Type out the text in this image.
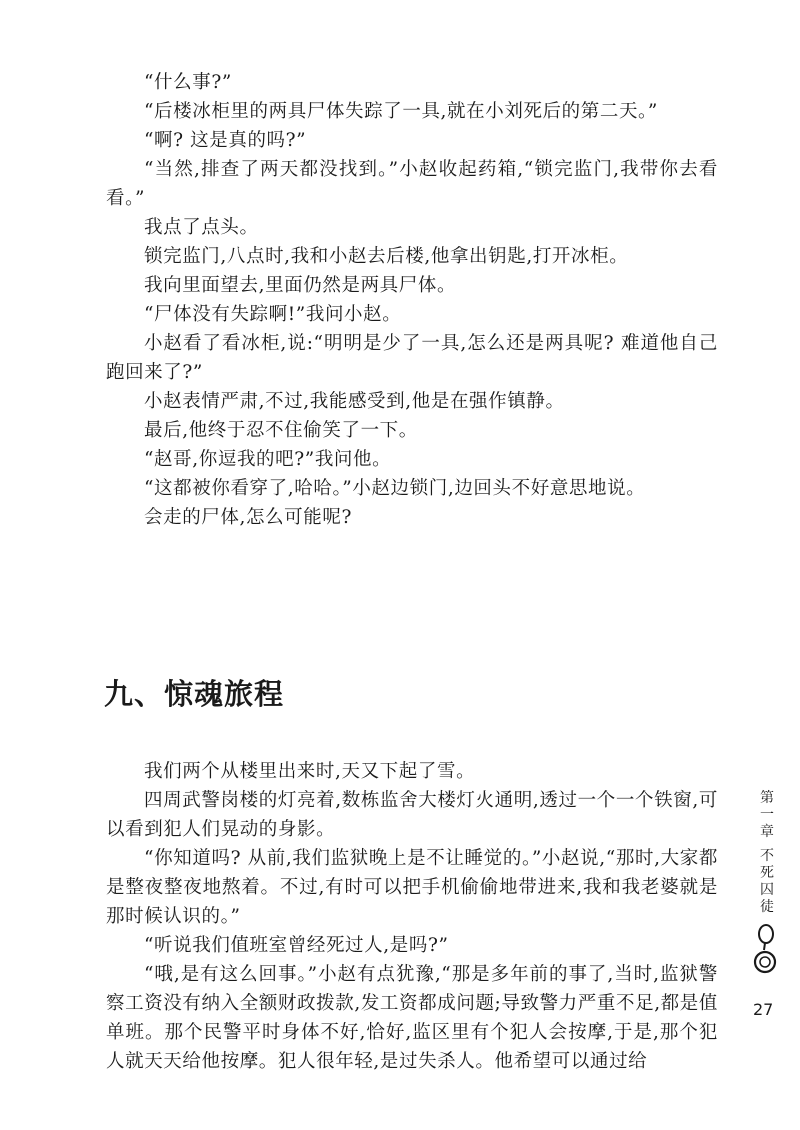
“什么事?”

“后楼冰柜里的两具尸体失踪了一具,就在小刘死后的第二天。”

“啊? 这是真的吗?”

“当然,排查了两天都没找到。”小赵收起药箱,“锁完监门,我带你去看看。”

我点了点头。

锁完监门,八点时,我和小赵去后楼,他拿出钥匙,打开冰柜。

我向里面望去,里面仍然是两具尸体。

“尸体没有失踪啊!”我问小赵。

小赵看了看冰柜,说:“明明是少了一具,怎么还是两具呢? 难道他自己跑回来了?”

小赵表情严肃,不过,我能感受到,他是在强作镇静。

最后,他终于忍不住偷笑了一下。

“赵哥,你逗我的吧?”我问他。

“这都被你看穿了,哈哈。”小赵边锁门,边回头不好意思地说。

会走的尸体,怎么可能呢?

九、惊魂旅程

我们两个从楼里出来时,天又下起了雪。

四周武警岗楼的灯亮着,数栋监舍大楼灯火通明,透过一个一个铁窗,可以看到犯人们晃动的身影。

“你知道吗? 从前,我们监狱晚上是不让睡觉的。”小赵说,“那时,大家都是整夜整夜地熬着。不过,有时可以把手机偷偷地带进来,我和我老婆就是那时候认识的。”

“听说我们值班室曾经死过人,是吗?”

“哦,是有这么回事。”小赵有点犹豫,“那是多年前的事了,当时,监狱警察工资没有纳入全额财政拨款,发工资都成问题;导致警力严重不足,都是值单班。那个民警平时身体不好,恰好,监区里有个犯人会按摩,于是,那个犯人就天天给他按摩。犯人很年轻,是过失杀人。他希望可以通过给

第一章
不死囚徒
27
